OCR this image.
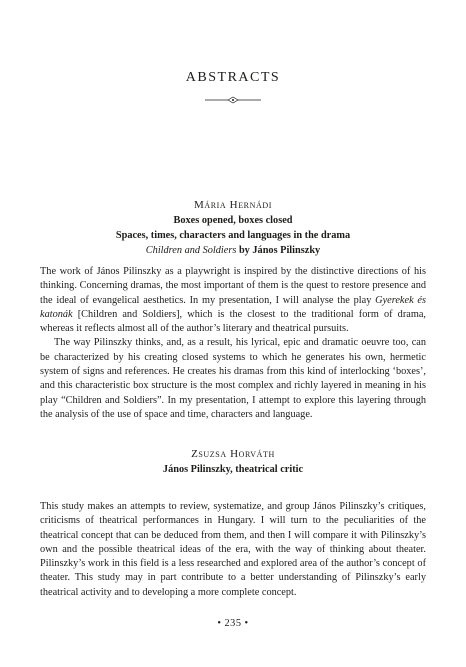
ABSTRACTS
Mária Hernádi
Boxes opened, boxes closed
Spaces, times, characters and languages in the drama
Children and Soldiers by János Pilinszky

The work of János Pilinszky as a playwright is inspired by the distinctive directions of his thinking. Concerning dramas, the most important of them is the quest to restore presence and the ideal of evangelical aesthetics. In my presentation, I will analyse the play Gyerekek és katonák [Children and Soldiers], which is the closest to the traditional form of drama, whereas it reflects almost all of the author’s literary and theatrical pursuits.

The way Pilinszky thinks, and, as a result, his lyrical, epic and dramatic oeuvre too, can be characterized by his creating closed systems to which he generates his own, hermetic system of signs and references. He creates his dramas from this kind of interlocking ‘boxes’, and this characteristic box structure is the most complex and richly layered in meaning in his play “Children and Soldiers”. In my presentation, I attempt to explore this layering through the analysis of the use of space and time, characters and language.

Zsuzsa Horváth
János Pilinszky, theatrical critic

This study makes an attempts to review, systematize, and group János Pilinszky’s critiques, criticisms of theatrical performances in Hungary. I will turn to the peculiarities of the theatrical concept that can be deduced from them, and then I will compare it with Pilinszky’s own and the possible theatrical ideas of the era, with the way of thinking about theater. Pilinszky’s work in this field is a less researched and explored area of the author’s concept of theater. This study may in part contribute to a better understanding of Pilinszky’s early theatrical activity and to developing a more complete concept.

• 235 •
